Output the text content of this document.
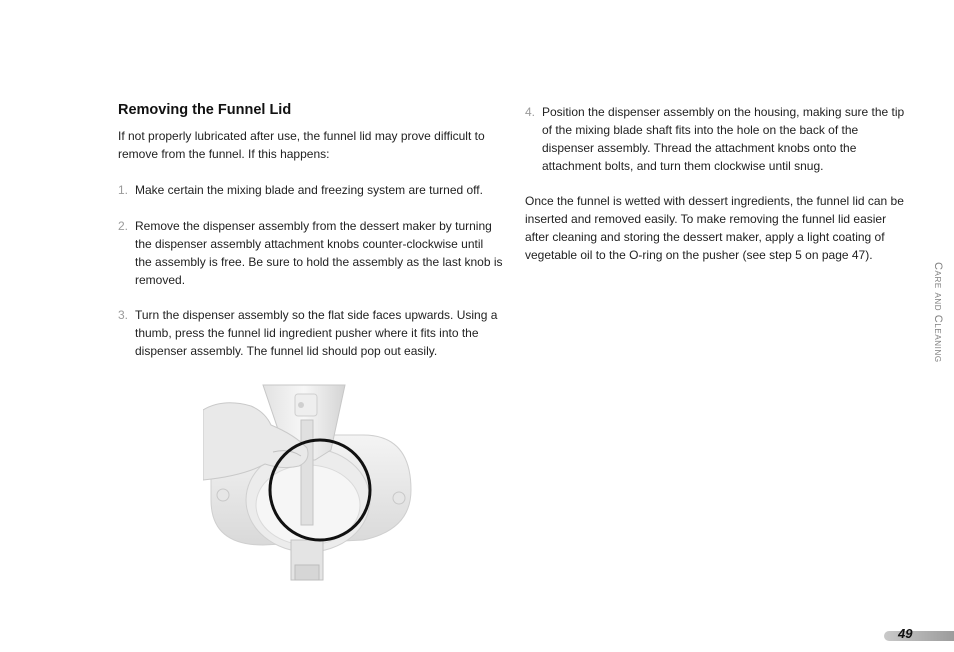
Removing the Funnel Lid

If not properly lubricated after use, the funnel lid may prove difficult to remove from the funnel. If this happens:

1. Make certain the mixing blade and freezing system are turned off.
2. Remove the dispenser assembly from the dessert maker by turning the dispenser assembly attachment knobs counter-clockwise until the assembly is free. Be sure to hold the assembly as the last knob is removed.
3. Turn the dispenser assembly so the flat side faces upwards. Using a thumb, press the funnel lid ingredient pusher where it fits into the dispenser assembly. The funnel lid should pop out easily.
4. Position the dispenser assembly on the housing, making sure the tip of the mixing blade shaft fits into the hole on the back of the dispenser assembly. Thread the attachment knobs onto the attachment bolts, and turn them clockwise until snug.

Once the funnel is wetted with dessert ingredients, the funnel lid can be inserted and removed easily. To make removing the funnel lid easier after cleaning and storing the dessert maker, apply a light coating of vegetable oil to the O-ring on the pusher (see step 5 on page 47).

Care and Cleaning
49
